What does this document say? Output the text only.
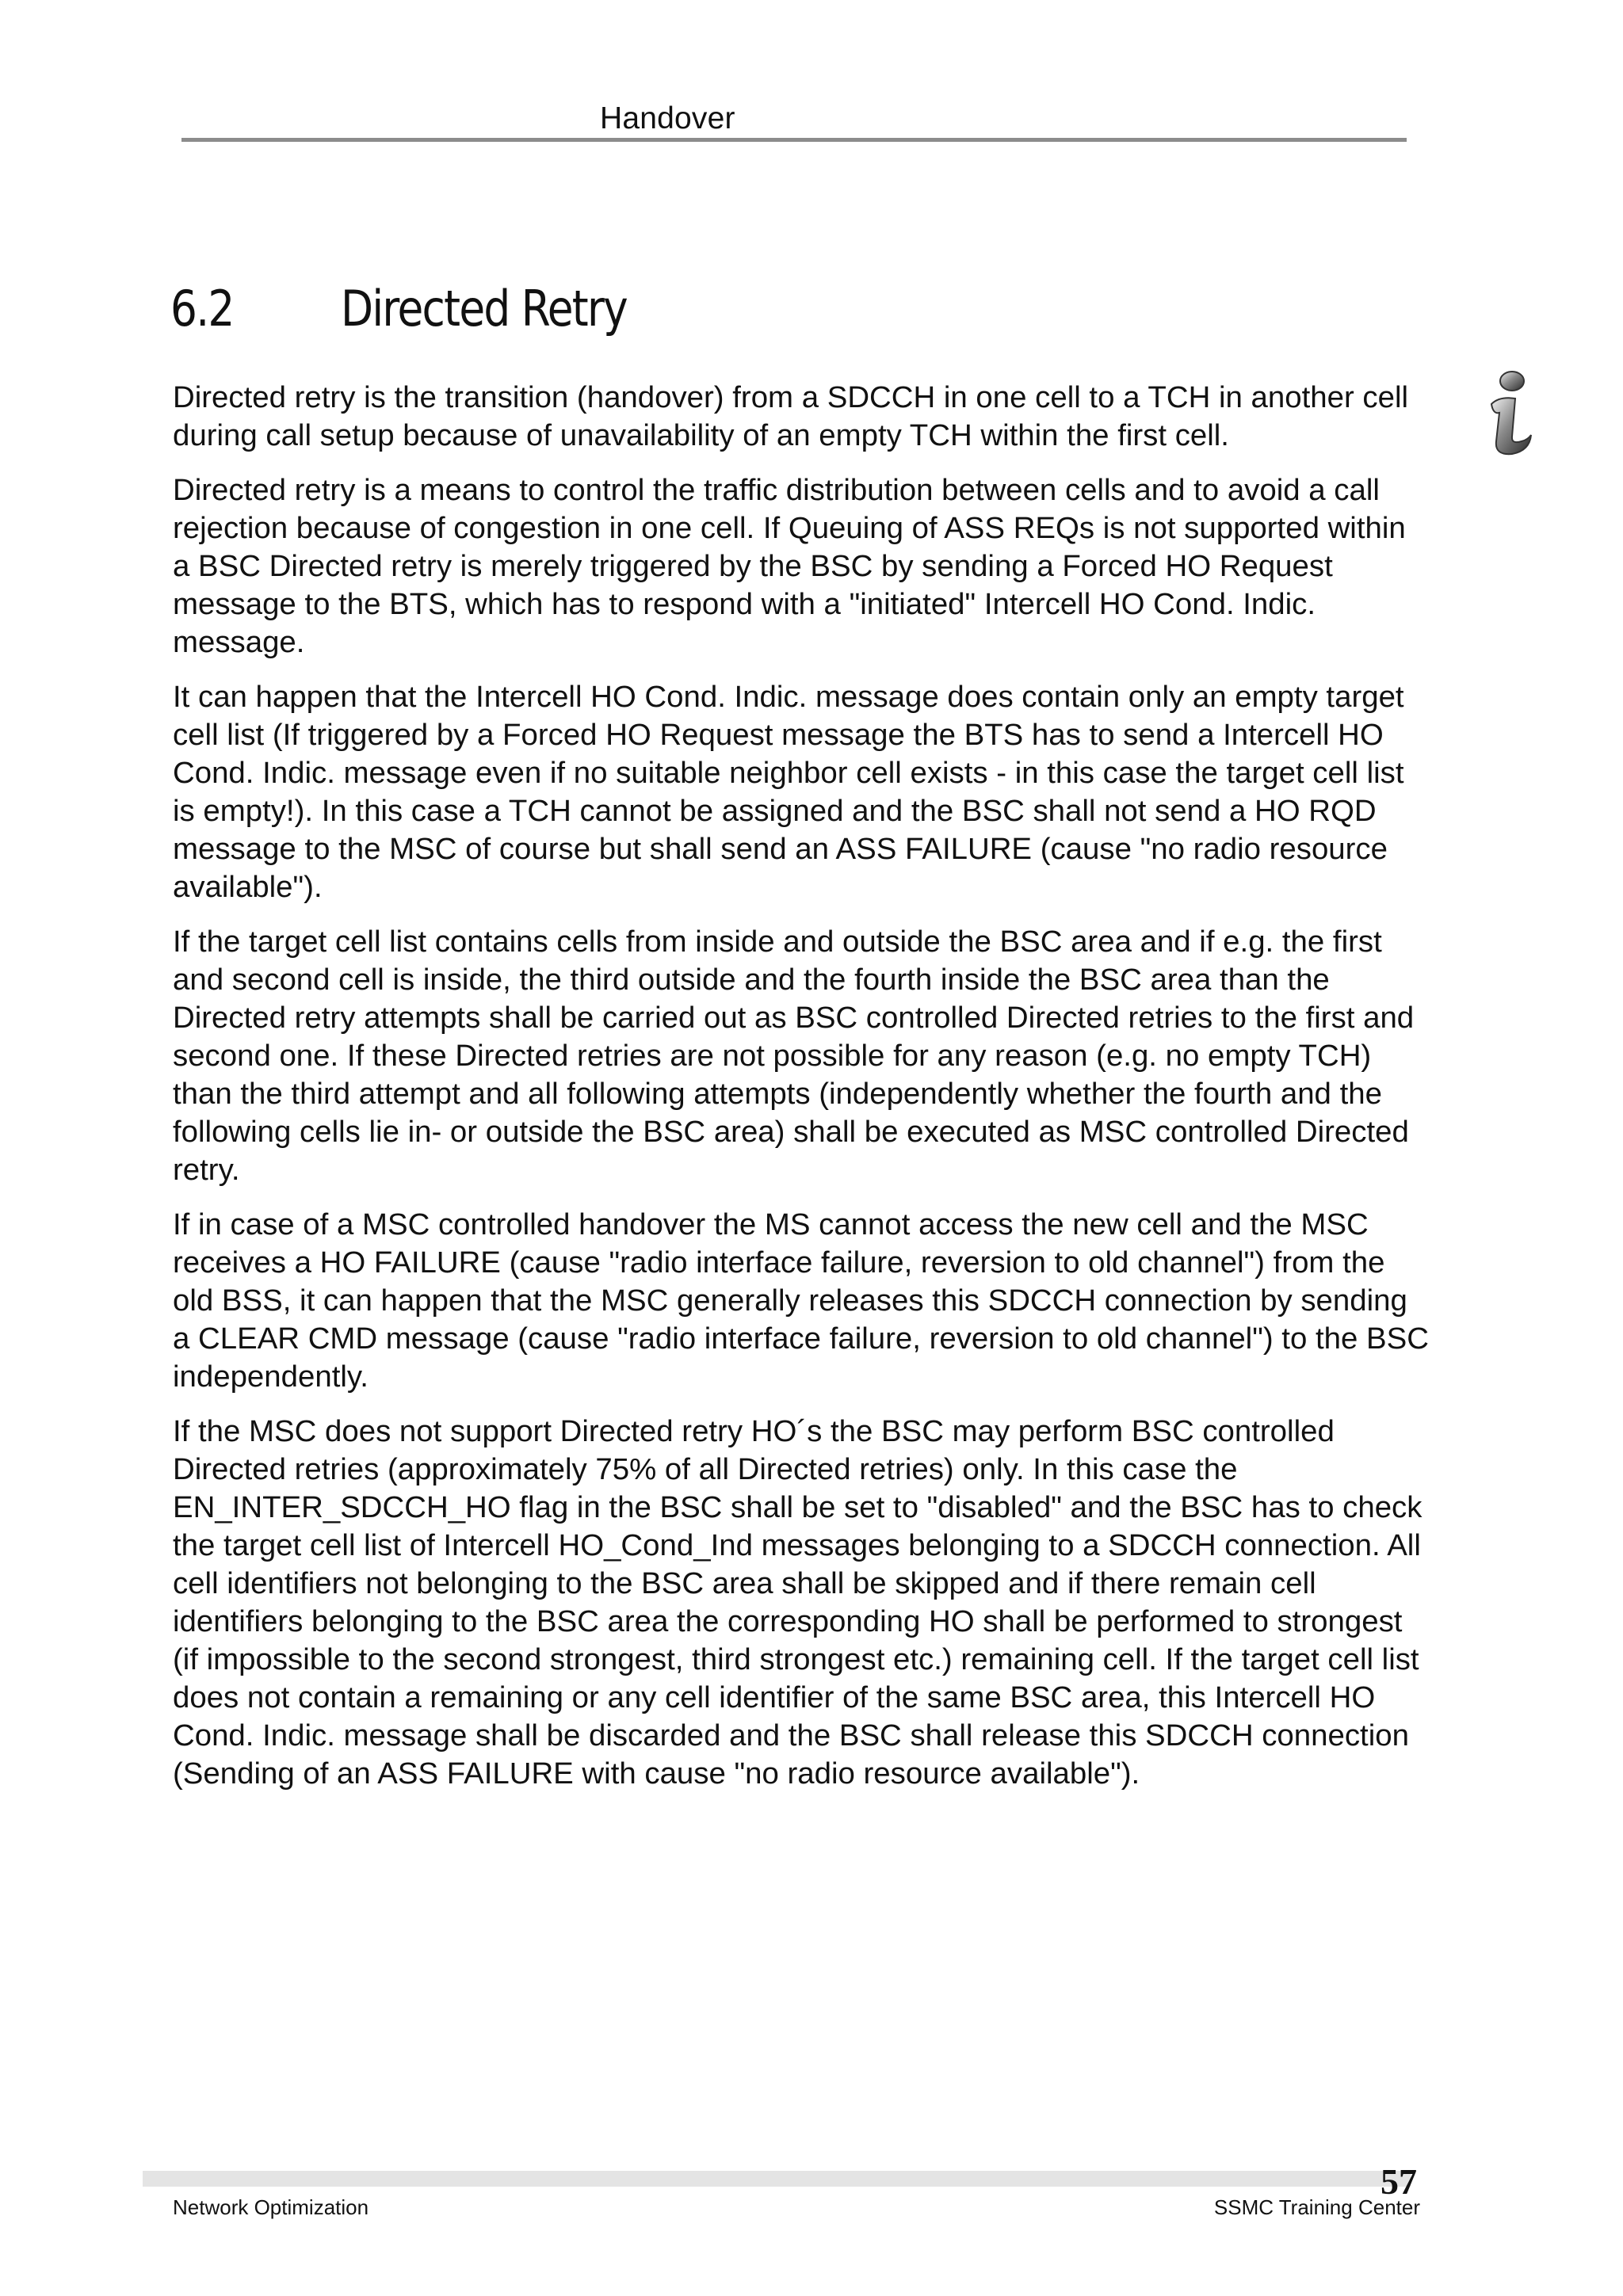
Handover
6.2 Directed Retry

Directed retry is the transition (handover) from a SDCCH in one cell to a TCH in another cell during call setup because of unavailability of an empty TCH within the first cell.

Directed retry is a means to control the traffic distribution between cells and to avoid a call rejection because of congestion in one cell. If Queuing of ASS REQs is not supported within a BSC Directed retry is merely triggered by the BSC by sending a Forced HO Request message to the BTS, which has to respond with a "initiated" Intercell HO Cond. Indic. message.

It can happen that the Intercell HO Cond. Indic. message does contain only an empty target cell list (If triggered by a Forced HO Request message the BTS has to send a Intercell HO Cond. Indic. message even if no suitable neighbor cell exists - in this case the target cell list is empty!). In this case a TCH cannot be assigned and the BSC shall not send a HO RQD message to the MSC of course but shall send an ASS FAILURE (cause "no radio resource available").

If the target cell list contains cells from inside and outside the BSC area and if e.g. the first and second cell is inside, the third outside and the fourth inside the BSC area than the Directed retry attempts shall be carried out as BSC controlled Directed retries to the first and second one. If these Directed retries are not possible for any reason (e.g. no empty TCH) than the third attempt and all following attempts (independently whether the fourth and the following cells lie in- or outside the BSC area) shall be executed as MSC controlled Directed retry.

If in case of a MSC controlled handover the MS cannot access the new cell and the MSC receives a HO FAILURE (cause "radio interface failure, reversion to old channel") from the old BSS, it can happen that the MSC generally releases this SDCCH connection by sending a CLEAR CMD message (cause "radio interface failure, reversion to old channel") to the BSC independently.

If the MSC does not support Directed retry HO´s the BSC may perform BSC controlled Directed retries (approximately 75% of all Directed retries) only. In this case the EN_INTER_SDCCH_HO flag in the BSC shall be set to "disabled" and the BSC has to check the target cell list of Intercell HO_Cond_Ind messages belonging to a SDCCH connection. All cell identifiers not belonging to the BSC area shall be skipped and if there remain cell identifiers belonging to the BSC area the corresponding HO shall be performed to strongest (if impossible to the second strongest, third strongest etc.) remaining cell. If the target cell list does not contain a remaining or any cell identifier of the same BSC area, this Intercell HO Cond. Indic. message shall be discarded and the BSC shall release this SDCCH connection (Sending of an ASS FAILURE with cause "no radio resource available").

57
Network Optimization	SSMC Training Center
